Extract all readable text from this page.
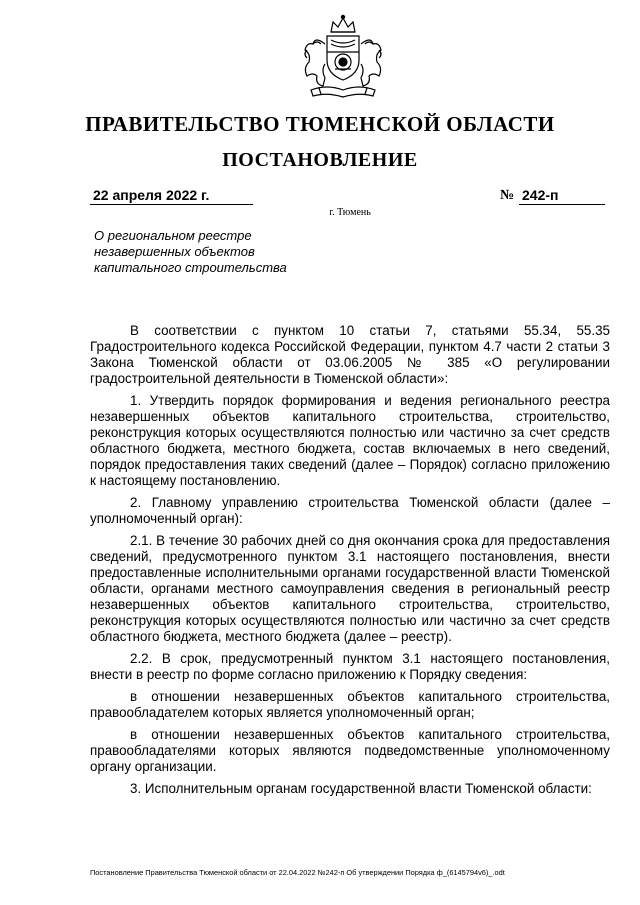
ПРАВИТЕЛЬСТВО ТЮМЕНСКОЙ ОБЛАСТИ
ПОСТАНОВЛЕНИЕ
22 апреля 2022 г.	№ 242-п
г. Тюмень
О региональном реестре
незавершенных объектов
капитального строительства

В соответствии с пунктом 10 статьи 7, статьями 55.34, 55.35 Градостроительного кодекса Российской Федерации, пунктом 4.7 части 2 статьи 3 Закона Тюменской области от 03.06.2005 № 385 «О регулировании градостроительной деятельности в Тюменской области»:

1. Утвердить порядок формирования и ведения регионального реестра незавершенных объектов капитального строительства, строительство, реконструкция которых осуществляются полностью или частично за счет средств областного бюджета, местного бюджета, состав включаемых в него сведений, порядок предоставления таких сведений (далее – Порядок) согласно приложению к настоящему постановлению.

2. Главному управлению строительства Тюменской области (далее – уполномоченный орган):

2.1. В течение 30 рабочих дней со дня окончания срока для предоставления сведений, предусмотренного пунктом 3.1 настоящего постановления, внести предоставленные исполнительными органами государственной власти Тюменской области, органами местного самоуправления сведения в региональный реестр незавершенных объектов капитального строительства, строительство, реконструкция которых осуществляются полностью или частично за счет средств областного бюджета, местного бюджета (далее – реестр).

2.2. В срок, предусмотренный пунктом 3.1 настоящего постановления, внести в реестр по форме согласно приложению к Порядку сведения:

в отношении незавершенных объектов капитального строительства, правообладателем которых является уполномоченный орган;

в отношении незавершенных объектов капитального строительства, правообладателями которых являются подведомственные уполномоченному органу организации.

3. Исполнительным органам государственной власти Тюменской области:

Постановление Правительства Тюменской области от 22.04.2022 №242-п Об утверждении Порядка ф_(6145794v6)_.odt
